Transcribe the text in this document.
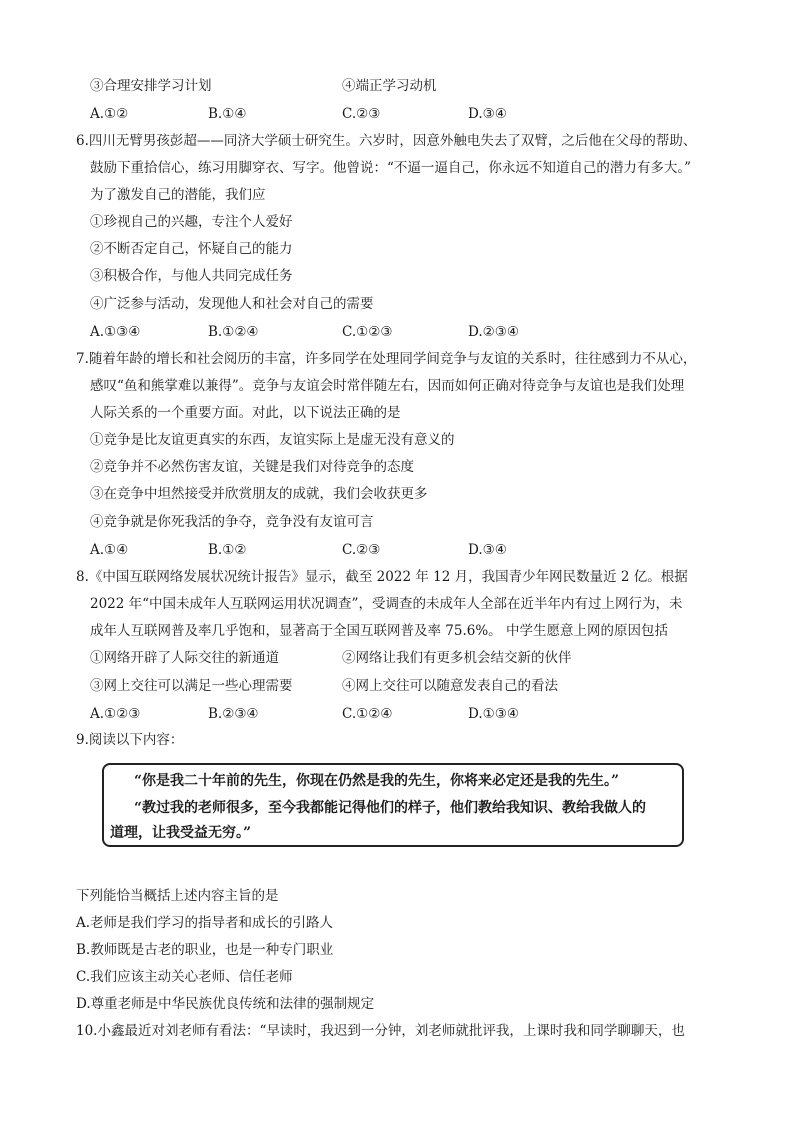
③合理安排学习计划	④端正学习动机
A.①②	B.①④	C.②③	D.③④
6.四川无臂男孩彭超——同济大学硕士研究生。六岁时，因意外触电失去了双臂，之后他在父母的帮助、
鼓励下重拾信心，练习用脚穿衣、写字。他曾说：“不逼一逼自己，你永远不知道自己的潜力有多大。”
为了激发自己的潜能，我们应
①珍视自己的兴趣，专注个人爱好
②不断否定自己，怀疑自己的能力
③积极合作，与他人共同完成任务
④广泛参与活动，发现他人和社会对自己的需要
A.①③④	B.①②④	C.①②③	D.②③④
7.随着年龄的增长和社会阅历的丰富，许多同学在处理同学间竞争与友谊的关系时，往往感到力不从心，
感叹“鱼和熊掌难以兼得”。竞争与友谊会时常伴随左右，因而如何正确对待竞争与友谊也是我们处理
人际关系的一个重要方面。对此，以下说法正确的是
①竞争是比友谊更真实的东西，友谊实际上是虚无没有意义的
②竞争并不必然伤害友谊，关键是我们对待竞争的态度
③在竞争中坦然接受并欣赏朋友的成就，我们会收获更多
④竞争就是你死我活的争夺，竞争没有友谊可言
A.①④	B.①②	C.②③	D.③④
8.《中国互联网络发展状况统计报告》显示，截至 2022 年 12 月，我国青少年网民数量近 2 亿。根据
2022 年“中国未成年人互联网运用状况调查”，受调查的未成年人全部在近半年内有过上网行为，未
成年人互联网普及率几乎饱和，显著高于全国互联网普及率 75.6%。 中学生愿意上网的原因包括
①网络开辟了人际交往的新通道	②网络让我们有更多机会结交新的伙伴
③网上交往可以满足一些心理需要	④网上交往可以随意发表自己的看法
A.①②③	B.②③④	C.①②④	D.①③④
9.阅读以下内容：
“你是我二十年前的先生，你现在仍然是我的先生，你将来必定还是我的先生。”
“教过我的老师很多，至今我都能记得他们的样子，他们教给我知识、教给我做人的
道理，让我受益无穷。”
下列能恰当概括上述内容主旨的是
A.老师是我们学习的指导者和成长的引路人
B.教师既是古老的职业，也是一种专门职业
C.我们应该主动关心老师、信任老师
D.尊重老师是中华民族优良传统和法律的强制规定
10.小鑫最近对刘老师有看法：“早读时，我迟到一分钟，刘老师就批评我，上课时我和同学聊聊天，也
